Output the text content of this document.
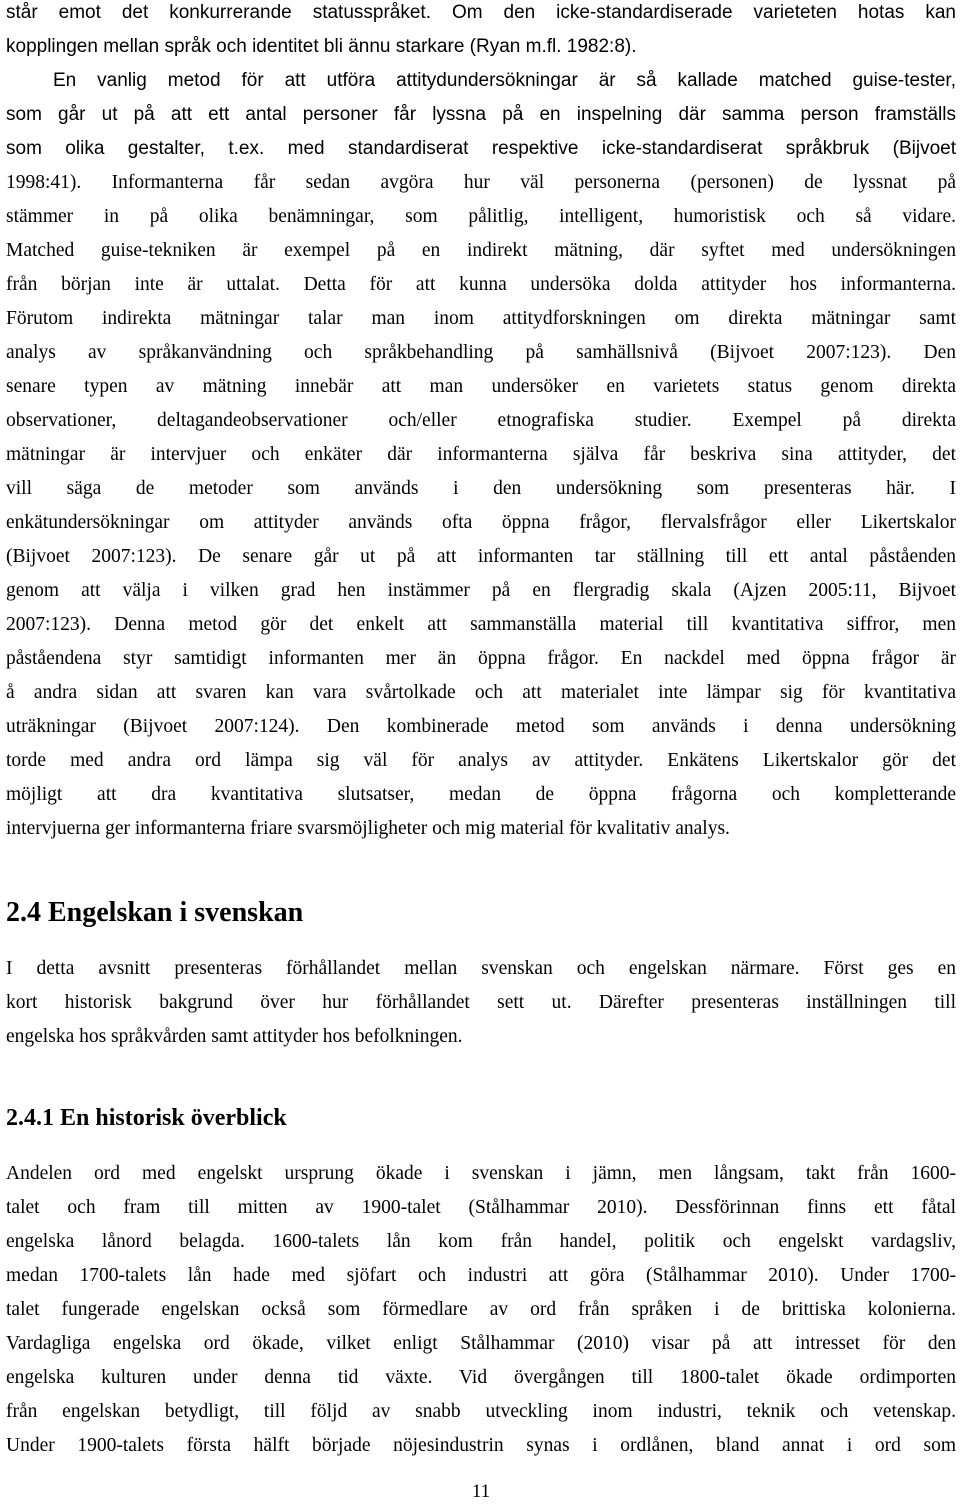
står emot det konkurrerande statusspråket. Om den icke-standardiserade varieteten hotas kan
kopplingen mellan språk och identitet bli ännu starkare (Ryan m.fl. 1982:8).
En vanlig metod för att utföra attitydundersökningar är så kallade matched guise-tester,
som går ut på att ett antal personer får lyssna på en inspelning där samma person framställs
som olika gestalter, t.ex. med standardiserat respektive icke-standardiserat språkbruk (Bijvoet
1998:41). Informanterna får sedan avgöra hur väl personerna (personen) de lyssnat på
stämmer in på olika benämningar, som pålitlig, intelligent, humoristisk och så vidare.
Matched guise-tekniken är exempel på en indirekt mätning, där syftet med undersökningen
från början inte är uttalat. Detta för att kunna undersöka dolda attityder hos informanterna.
Förutom indirekta mätningar talar man inom attitydforskningen om direkta mätningar samt
analys av språkanvändning och språkbehandling på samhällsnivå (Bijvoet 2007:123). Den
senare typen av mätning innebär att man undersöker en varietets status genom direkta
observationer, deltagandeobservationer och/eller etnografiska studier. Exempel på direkta
mätningar är intervjuer och enkäter där informanterna själva får beskriva sina attityder, det
vill säga de metoder som används i den undersökning som presenteras här. I
enkätundersökningar om attityder används ofta öppna frågor, flervalsfrågor eller Likertskalor
(Bijvoet 2007:123). De senare går ut på att informanten tar ställning till ett antal påståenden
genom att välja i vilken grad hen instämmer på en flergradig skala (Ajzen 2005:11, Bijvoet
2007:123). Denna metod gör det enkelt att sammanställa material till kvantitativa siffror, men
påståendena styr samtidigt informanten mer än öppna frågor. En nackdel med öppna frågor är
å andra sidan att svaren kan vara svårtolkade och att materialet inte lämpar sig för kvantitativa
uträkningar (Bijvoet 2007:124). Den kombinerade metod som används i denna undersökning
torde med andra ord lämpa sig väl för analys av attityder. Enkätens Likertskalor gör det
möjligt att dra kvantitativa slutsatser, medan de öppna frågorna och kompletterande
intervjuerna ger informanterna friare svarsmöjligheter och mig material för kvalitativ analys.
2.4 Engelskan i svenskan
I detta avsnitt presenteras förhållandet mellan svenskan och engelskan närmare. Först ges en
kort historisk bakgrund över hur förhållandet sett ut. Därefter presenteras inställningen till
engelska hos språkvården samt attityder hos befolkningen.
2.4.1 En historisk överblick
Andelen ord med engelskt ursprung ökade i svenskan i jämn, men långsam, takt från 1600-
talet och fram till mitten av 1900-talet (Stålhammar 2010). Dessförinnan finns ett fåtal
engelska lånord belagda. 1600-talets lån kom från handel, politik och engelskt vardagsliv,
medan 1700-talets lån hade med sjöfart och industri att göra (Stålhammar 2010). Under 1700-
talet fungerade engelskan också som förmedlare av ord från språken i de brittiska kolonierna.
Vardagliga engelska ord ökade, vilket enligt Stålhammar (2010) visar på att intresset för den
engelska kulturen under denna tid växte. Vid övergången till 1800-talet ökade ordimporten
från engelskan betydligt, till följd av snabb utveckling inom industri, teknik och vetenskap.
Under 1900-talets första hälft började nöjesindustrin synas i ordlånen, bland annat i ord som
11
